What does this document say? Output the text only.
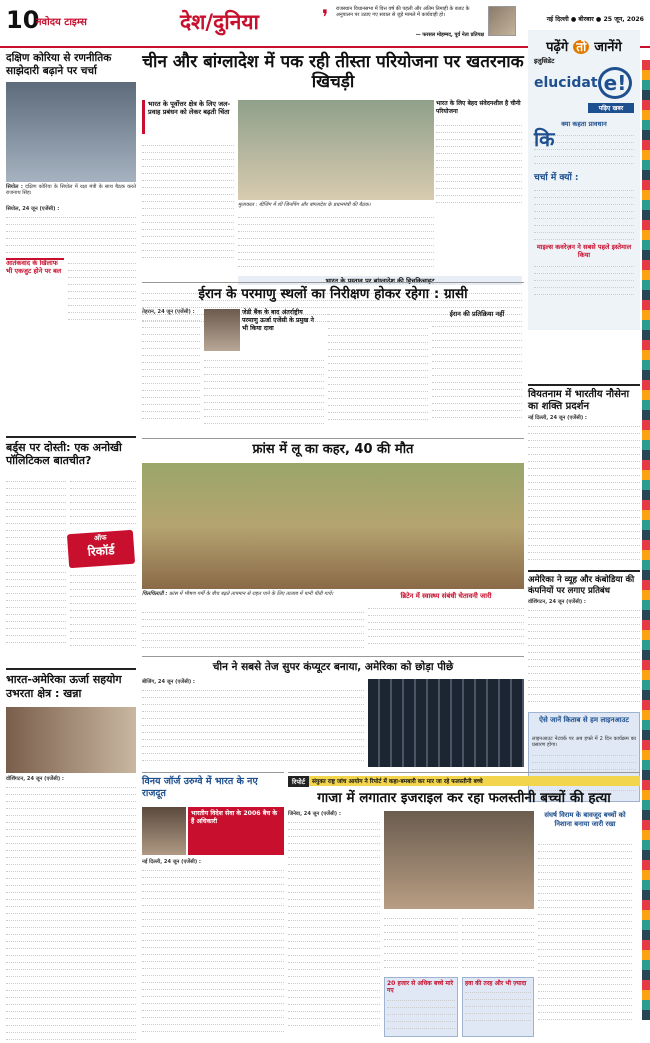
10
नवोदय टाइम्स	देश/दुनिया	❜	राजस्थान विधानसभा में वित्त वर्ष की पहली और अंतिम तिमाही के बजट के अनुपालन पर उठाए गए सवाल से जुड़े मामले में कार्यवाही हो।
— फरसल मोहम्मद, पूर्व नेता प्रतिपक्ष
नई दिल्ली ● बीरबार ● 25 जून, 2026
दक्षिण कोरिया से रणनीतिक साझेदारी बढ़ाने पर चर्चा
सियोल : दक्षिण कोरिया के सियोल में रक्षा मंत्री के साथ बैठक करते राजनाथ सिंह।
सियोल, 24 जून (एजेंसी) :
आतंकवाद के खिलाफ भी एकजुट होने पर बल
चीन और बांग्लादेश में पक रही तीस्ता परियोजना पर खतरनाक खिचड़ी
भारत के पूर्वोत्तर क्षेत्र के लिए जल-प्रवाह प्रबंधन को लेकर बढ़ती चिंता
मुलाकात : बीजिंग में शी जिनपिंग और बांग्लादेश के प्रधानमंत्री की बैठक।
भारत के लिए बेहद संवेदनशील है चीनी परियोजना
भारत के प्रस्ताव पर बांग्लादेश की हिचकिचाहट
पढ़ेंगे तो जानेंगे
इलुसिडेट
elucidat e!
पढ़िए खबर
क्या कहता प्रावधान
कि
चर्चा में क्यों :
माइल्स कवरेज़न ने सबसे पहले इस्तेमाल किया
ईरान के परमाणु स्थलों का निरीक्षण होकर रहेगा : ग्रासी
तेहरान, 24 जून (एजेंसी) :	जेडी बैंक के बाद अंतर्राष्ट्रीय परमाणु ऊर्जा एजेंसी के प्रमुख ने भी किया दावा
ईरान की प्रतिक्रिया नहीं
वियतनाम में भारतीय नौसेना का शक्ति प्रदर्शन
नई दिल्ली, 24 जून (एजेंसी) :
बर्ड्स पर दोस्ती: एक अनोखी पॉलिटिकल बातचीत?
ऑफ
रिकॉर्ड
फ्रांस में लू का कहर, 40 की मौत
चिलचिलाती : फ्रांस में भीषण गर्मी के बीच बढ़ते तापमान से राहत पाने के लिए तालाब में पानी पीती गायें।	ब्रिटेन में स्वास्थ्य संबंधी चेतावनी जारी
अमेरिका ने व्यूह और कंबोडिया की कंपनियों पर लगाए प्रतिबंध
वॉशिंगटन, 24 जून (एजेंसी) :
ऐसे जानें किताब से हम लाइनआउट
लाइनआउट नेटवर्क पर अब हफ्ते में 2 दिन कार्यक्रम का प्रसारण होगा।
भारत-अमेरिका ऊर्जा सहयोग उभरता क्षेत्र : खन्ना
वॉशिंगटन, 24 जून (एजेंसी) :
चीन ने सबसे तेज सुपर कंप्यूटर बनाया, अमेरिका को छोड़ा पीछे
बीजिंग, 24 जून (एजेंसी) :
विनय जॉर्ज उरुग्वे में भारत के नए राजदूत
भारतीय विदेश सेवा के 2006 बैच के हैं अधिकारी
नई दिल्ली, 24 जून (एजेंसी) :
रिपोर्ट	संयुक्त राष्ट्र जांच आयोग ने रिपोर्ट में कहा-बमबारी कर मार जा रहे फलस्तीनी बच्चे
गाजा में लगातार इजराइल कर रहा फलस्तीनी बच्चों की हत्या
जिनेवा, 24 जून (एजेंसी) :
20 हजार से अधिक बच्चे मारे गए
हवा की तरह और भी ज़्यादा
संघर्ष विराम के बावजूद बच्चों को निशाना बनाया जारी रखा
